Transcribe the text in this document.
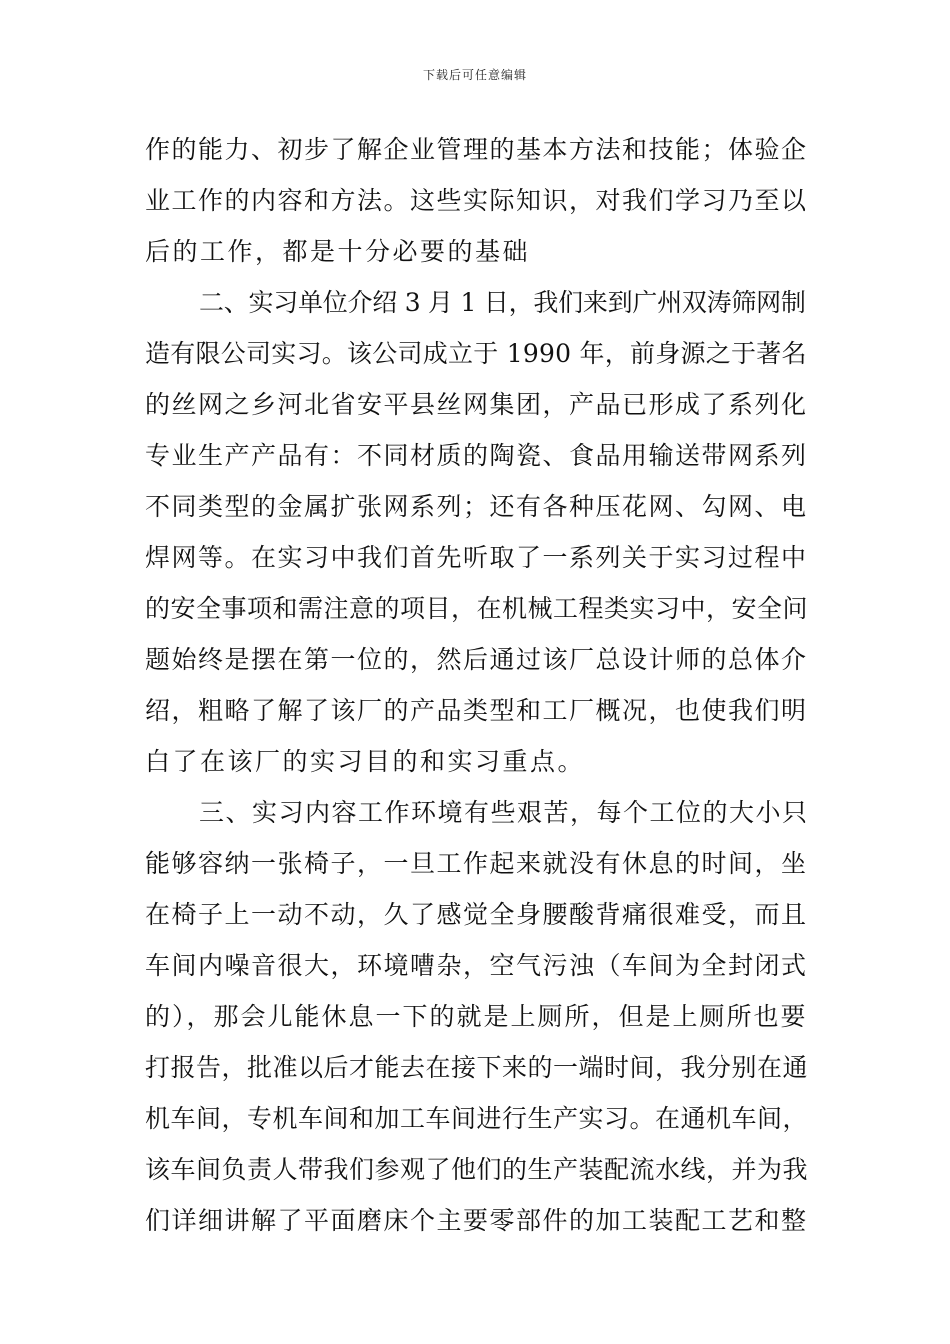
下载后可任意编辑
作的能力、初步了解企业管理的基本方法和技能；体验企
业工作的内容和方法。这些实际知识，对我们学习乃至以
后的工作，都是十分必要的基础
二、实习单位介绍 3 月 1 日，我们来到广州双涛筛网制
造有限公司实习。该公司成立于 1990 年，前身源之于著名
的丝网之乡河北省安平县丝网集团，产品已形成了系列化
专业生产产品有：不同材质的陶瓷、食品用输送带网系列
不同类型的金属扩张网系列；还有各种压花网、勾网、电
焊网等。在实习中我们首先听取了一系列关于实习过程中
的安全事项和需注意的项目，在机械工程类实习中，安全问
题始终是摆在第一位的，然后通过该厂总设计师的总体介
绍，粗略了解了该厂的产品类型和工厂概况，也使我们明
白了在该厂的实习目的和实习重点。
三、实习内容工作环境有些艰苦，每个工位的大小只
能够容纳一张椅子，一旦工作起来就没有休息的时间，坐
在椅子上一动不动，久了感觉全身腰酸背痛很难受，而且
车间内噪音很大，环境嘈杂，空气污浊（车间为全封闭式
的），那会儿能休息一下的就是上厕所，但是上厕所也要
打报告，批准以后才能去在接下来的一端时间，我分别在通
机车间，专机车间和加工车间进行生产实习。在通机车间，
该车间负责人带我们参观了他们的生产装配流水线，并为我
们详细讲解了平面磨床个主要零部件的加工装配工艺和整
